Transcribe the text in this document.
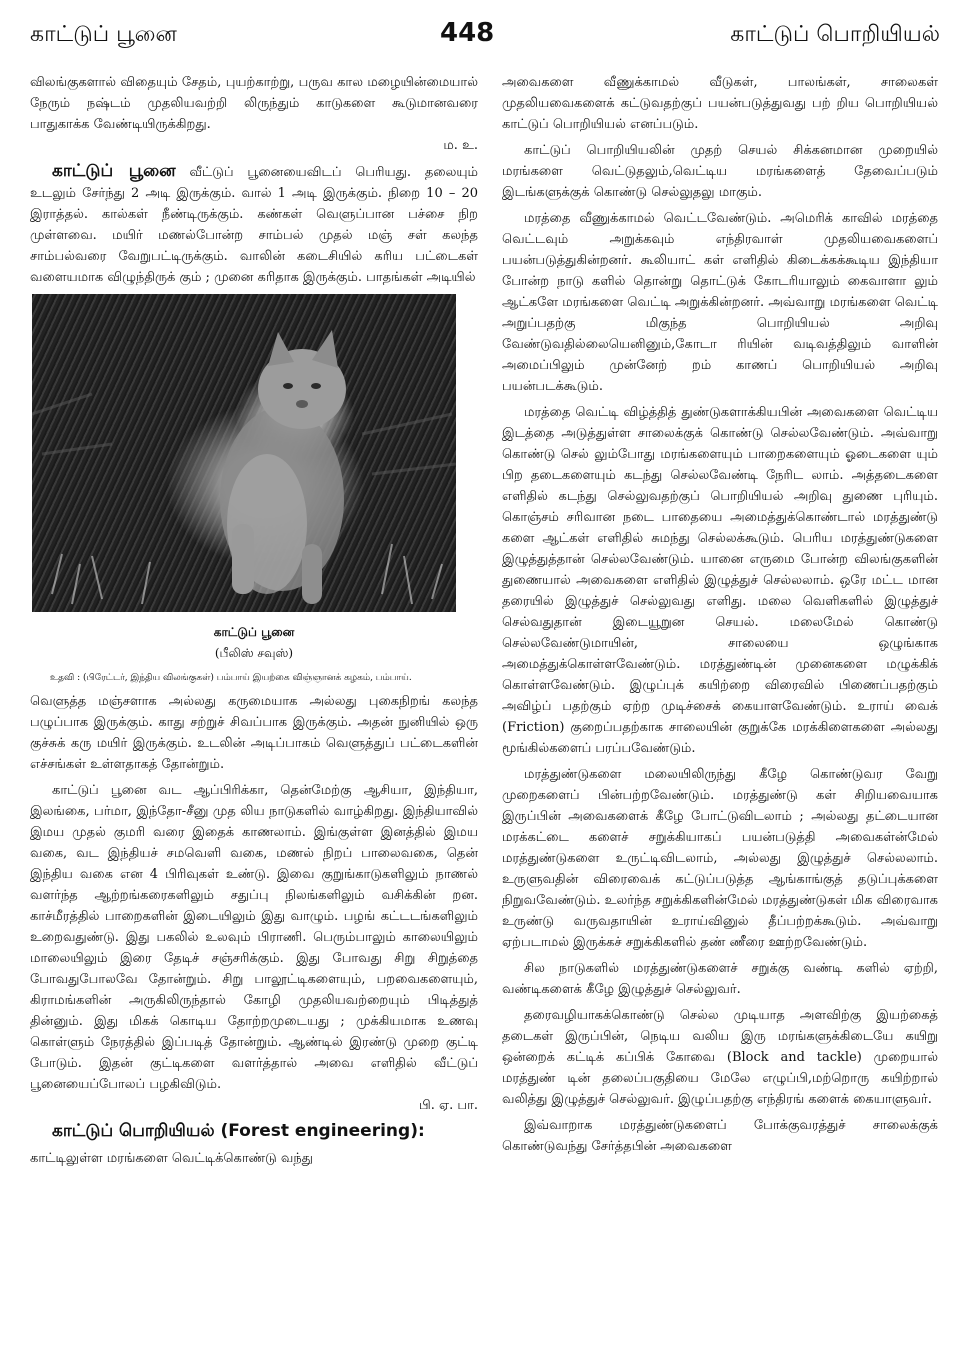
காட்டுப் பூனை	448	காட்டுப் பொறியியல்

விலங்குகளால் விதையும் சேதம், புயற்காற்று, பருவ கால மழையின்மையால் நேரும் நஷ்டம் முதலியவற்றி லிருந்தும் காடுகளை கூடுமானவரை பாதுகாக்க வேண்டியிருக்கிறது.
ம. உ.

காட்டுப் பூனை வீட்டுப் பூனையைவிடப் பெரியது. தலையும் உடலும் சேர்ந்து 2 அடி இருக்கும். வால் 1 அடி இருக்கும். நிறை 10 – 20 இராத்தல். கால்கள் நீண்டிருக்கும். கண்கள் வெளுப்பான பச்சை நிற முள்ளவை. மயிர் மணல்போன்ற சாம்பல் முதல் மஞ் சள் கலந்த சாம்பல்வரை வேறுபட்டிருக்கும். வாலின் கடைசியில் கரிய பட்டைகள் வளையமாக விழுந்திருக் கும் ; முனை கரிதாக இருக்கும். பாதங்கள் அடியில்

காட்டுப் பூனை
(பீலிஸ் சவுஸ்)
உதவி : (பிரேட்டர், இந்திய விலங்குகள்) பம்பாய் இயற்கை விஞ்ஞானக் கழகம், பம்பாய்.

வெளுத்த மஞ்சளாக அல்லது கருமையாக அல்லது புகைநிறங் கலந்த பழுப்பாக இருக்கும். காது சற்றுச் சிவப்பாக இருக்கும். அதன் நுனியில் ஒரு குச்சுக் கரு மயிர் இருக்கும். உடலின் அடிப்பாகம் வெளுத்துப் பட்டைகளின் எச்சங்கள் உள்ளதாகத் தோன்றும்.

காட்டுப் பூனை வட ஆப்பிரிக்கா, தென்மேற்கு ஆசியா, இந்தியா, இலங்கை, பர்மா, இந்தோ-சீனு முத லிய நாடுகளில் வாழ்கிறது. இந்தியாவில் இமய முதல் குமரி வரை இதைக் காணலாம். இங்குள்ள இனத்தில் இமய வகை, வட இந்தியச் சமவெளி வகை, மணல் நிறப் பாலைவகை, தென் இந்திய வகை என 4 பிரிவுகள் உண்டு. இவை குறுங்காடுகளிலும் நாணல் வளர்ந்த ஆற்றங்கரைகளிலும் சதுப்பு நிலங்களிலும் வசிக்கின் றன. காச்மீரத்தில் பாறைகளின் இடையிலும் இது வாழும். பழங் கட்டடங்களிலும் உறைவதுண்டு. இது பகலில் உலவும் பிராணி. பெரும்பாலும் காலையிலும் மாலையிலும் இரை தேடிச் சஞ்சரிக்கும். இது போவது சிறு சிறுத்தை போவதுபோலவே தோன்றும். சிறு பாலூட்டிகளையும், பறவைகளையும், கிராமங்களின் அருகிலிருந்தால் கோழி முதலியவற்றையும் பிடித்துத் தின்னும். இது மிகக் கொடிய தோற்றமுடையது ; முக்கியமாக உணவு கொள்ளும் நேரத்தில் இப்படித் தோன்றும். ஆண்டில் இரண்டு முறை குட்டி போடும். இதன் குட்டிகளை வளர்த்தால் அவை எளிதில் வீட்டுப் பூனையைப்போலப் பழகிவிடும்.
பி. ஏ. பா.

காட்டுப் பொறியியல் (Forest engineering):

காட்டிலுள்ள மரங்களை வெட்டிக்கொண்டு வந்து

அவைகளை வீணுக்காமல் வீடுகள், பாலங்கள், சாலைகள் முதலியவைகளைக் கட்டுவதற்குப் பயன்படுத்துவது பற் றிய பொறியியல் காட்டுப் பொறியியல் எனப்படும்.

காட்டுப் பொறியியலின் முதற் செயல் சிக்கனமான முறையில் மரங்களை வெட்டுதலும்,வெட்டிய மரங்களைத் தேவைப்படும் இடங்களுக்குக் கொண்டு செல்லுதலு மாகும்.

மரத்தை வீணுக்காமல் வெட்டவேண்டும். அமெரிக் காவில் மரத்தை வெட்டவும் அறுக்கவும் எந்திரவாள் முதலியவைகளைப் பயன்படுத்துகின்றனர். கூலியாட் கள் எளிதில் கிடைக்கக்கூடிய இந்தியா போன்ற நாடு களில் தொன்று தொட்டுக் கோடரியாலும் கைவாளா லும் ஆட்களே மரங்களை வெட்டி அறுக்கின்றனர். அவ்வாறு மரங்களை வெட்டி அறுப்பதற்கு மிகுந்த பொறியியல் அறிவு வேண்டுவதில்லையெனினும்,கோடா ரியின் வடிவத்திலும் வாளின் அமைப்பிலும் முன்னேற் றம் காணப் பொறியியல் அறிவு பயன்படக்கூடும்.

மரத்தை வெட்டி விழ்த்தித் துண்டுகளாக்கியபின் அவைகளை வெட்டிய இடத்தை அடுத்துள்ள சாலைக்குக் கொண்டு செல்லவேண்டும். அவ்வாறு கொண்டு செல் லும்போது மரங்களையும் பாறைகளையும் ஓடைகளை யும் பிற தடைகளையும் கடந்து செல்லவேண்டி நேரிட லாம். அத்தடைகளை எளிதில் கடந்து செல்லுவதற்குப் பொறியியல் அறிவு துணை புரியும். கொஞ்சம் சரிவான நடை பாதையை அமைத்துக்கொண்டால் மரத்துண்டு களை ஆட்கள் எளிதில் சுமந்து செல்லக்கூடும். பெரிய மரத்துண்டுகளை இழுத்துத்தான் செல்லவேண்டும். யானை எருமை போன்ற விலங்குகளின் துணையால் அவைகளை எளிதில் இழுத்துச் செல்லலாம். ஒரே மட்ட மான தரையில் இழுத்துச் செல்லுவது எளிது. மலை வெளிகளில் இழுத்துச் செல்வதுதான் இடையூறுன செயல். மலைமேல் கொண்டு செல்லவேண்டுமாயின், சாலையை ஒழுங்காக அமைத்துக்கொள்ளவேண்டும். மரத்துண்டின் முனைகளை மழுக்கிக் கொள்ளவேண்டும். இழுப்புக் கயிற்றை விரைவில் பிணைப்பதற்கும் அவிழ்ப் பதற்கும் ஏற்ற முடிச்சைக் கையாளவேண்டும். உராய் வைக் (Friction) குறைப்பதற்காக சாலையின் குறுக்கே மரக்கிளைகளை அல்லது மூங்கில்களைப் பரப்பவேண்டும்.

மரத்துண்டுகளை மலையிலிருந்து கீழே கொண்டுவர வேறு முறைகளைப் பின்பற்றவேண்டும். மரத்துண்டு கள் சிறியவையாக இருப்பின் அவைகளைக் கீழே போட்டுவிடலாம் ; அல்லது தட்டையான மரக்கட்டை களைச் சறுக்கியாகப் பயன்படுத்தி அவைகள்ன்மேல் மரத்துண்டுகளை உருட்டிவிடலாம், அல்லது இழுத்துச் செல்லலாம். உருளுவதின் விரைவைக் கட்டுப்படுத்த ஆங்காங்குத் தடுப்புக்களை நிறுவவேண்டும். உலர்ந்த சறுக்கிகளின்மேல் மரத்துண்டுகள் மிக விரைவாக உருண்டு வருவதாயின் உராய்வினுல் தீப்பற்றக்கூடும். அவ்வாறு ஏற்படாமல் இருக்கச் சறுக்கிகளில் தண் ணீரை ஊற்றவேண்டும்.

சில நாடுகளில் மரத்துண்டுகளைச் சறுக்கு வண்டி களில் ஏற்றி, வண்டிகளைக் கீழே இழுத்துச் செல்லுவர்.

தரைவழியாகக்கொண்டு செல்ல முடியாத அளவிற்கு இயற்கைத் தடைகள் இருப்பின், நெடிய வலிய இரு மரங்களுக்கிடையே கயிறு ஒன்றைக் கட்டிக் கப்பிக் கோவை (Block and tackle) முறையால் மரத்துண் டின் தலைப்பகுதியை மேலே எழுப்பி,மற்றொரு கயிற்றால் வலித்து இழுத்துச் செல்லுவர். இழுப்பதற்கு எந்திரங் களைக் கையாளுவர்.

இவ்வாறாக மரத்துண்டுகளைப் போக்குவரத்துச் சாலைக்குக் கொண்டுவந்து சேர்த்தபின் அவைகளை
